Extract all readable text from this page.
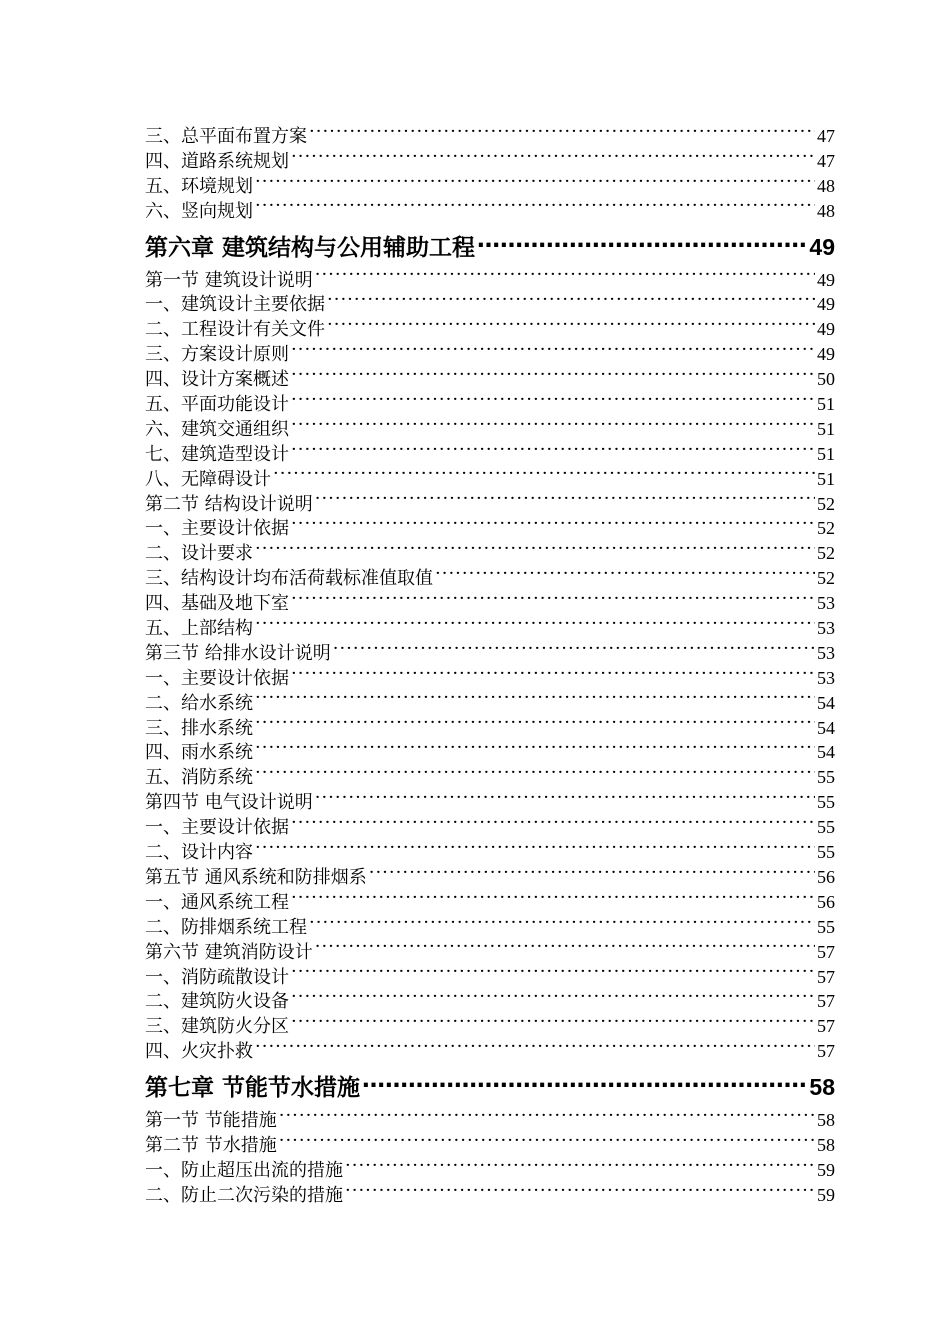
三、总平面布置方案 ·····	47
四、道路系统规划 ·····	47
五、环境规划 ·····	48
六、竖向规划 ·····	48
第六章 建筑结构与公用辅助工程 …………………………………………………………………………………………………………………………………………………………………………	49
第一节 建筑设计说明 ·····	49
一、建筑设计主要依据 ·····	49
二、工程设计有关文件 ·····	49
三、方案设计原则 ·····	49
四、设计方案概述 ·····	50
五、平面功能设计 ·····	51
六、建筑交通组织 ·····	51
七、建筑造型设计 ·····	51
八、无障碍设计 ·····	51
第二节 结构设计说明 ·····	52
一、主要设计依据 ·····	52
二、设计要求 ·····	52
三、结构设计均布活荷载标准值取值 ·····	52
四、基础及地下室 ·····	53
五、上部结构 ·····	53
第三节 给排水设计说明 ·····	53
一、主要设计依据 ·····	53
二、给水系统 ·····	54
三、排水系统 ·····	54
四、雨水系统 ·····	54
五、消防系统 ·····	55
第四节 电气设计说明 ·····	55
一、主要设计依据 ·····	55
二、设计内容 ·····	55
第五节 通风系统和防排烟系 ·····	56
一、通风系统工程 ·····	56
二、防排烟系统工程 ·····	55
第六节 建筑消防设计 ·····	57
一、消防疏散设计 ·····	57
二、建筑防火设备 ·····	57
三、建筑防火分区 ·····	57
四、火灾扑救 ·····	57
第七章 节能节水措施 …………………………………………………………………………………………………………………………………………………………………………	58
第一节 节能措施 ·····	58
第二节 节水措施 ·····	58
一、防止超压出流的措施 ·····	59
二、防止二次污染的措施 ·····	59
